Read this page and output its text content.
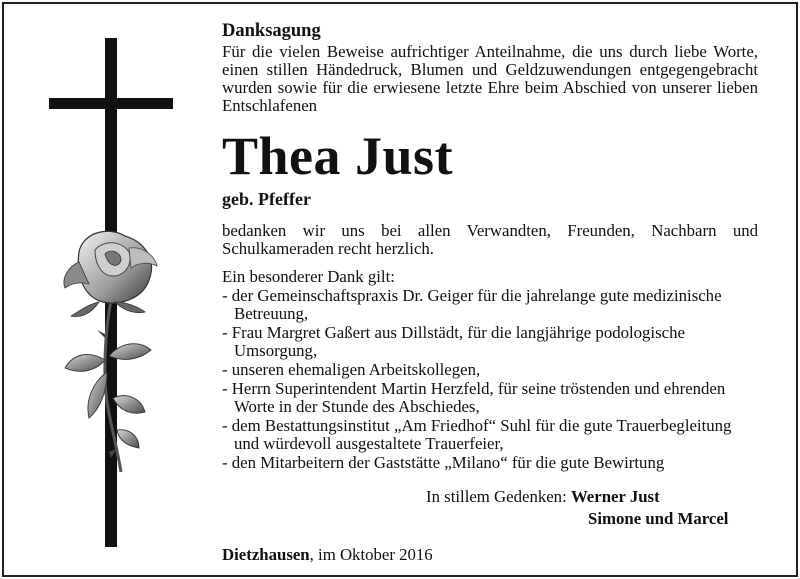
Danksagung
Für die vielen Beweise aufrichtiger Anteilnahme, die uns durch liebe Worte, einen stillen Händedruck, Blumen und Geldzuwendungen entgegengebracht wurden sowie für die erwiesene letzte Ehre beim Abschied von unserer lieben Entschlafenen
Thea Just
geb. Pfeffer
bedanken wir uns bei allen Verwandten, Freunden, Nachbarn und Schulkameraden recht herzlich.
Ein besonderer Dank gilt:
- der Gemeinschaftspraxis Dr. Geiger für die jahrelange gute medizinische Betreuung,
- Frau Margret Gaßert aus Dillstädt, für die langjährige podologische Umsorgung,
- unseren ehemaligen Arbeitskollegen,
- Herrn Superintendent Martin Herzfeld, für seine tröstenden und ehrenden Worte in der Stunde des Abschiedes,
- dem Bestattungsinstitut „Am Friedhof“ Suhl für die gute Trauerbegleitung und würdevoll ausgestaltete Trauerfeier,
- den Mitarbeitern der Gaststätte „Milano“ für die gute Bewirtung
In stillem Gedenken: Werner Just
Simone und Marcel
Dietzhausen, im Oktober 2016
